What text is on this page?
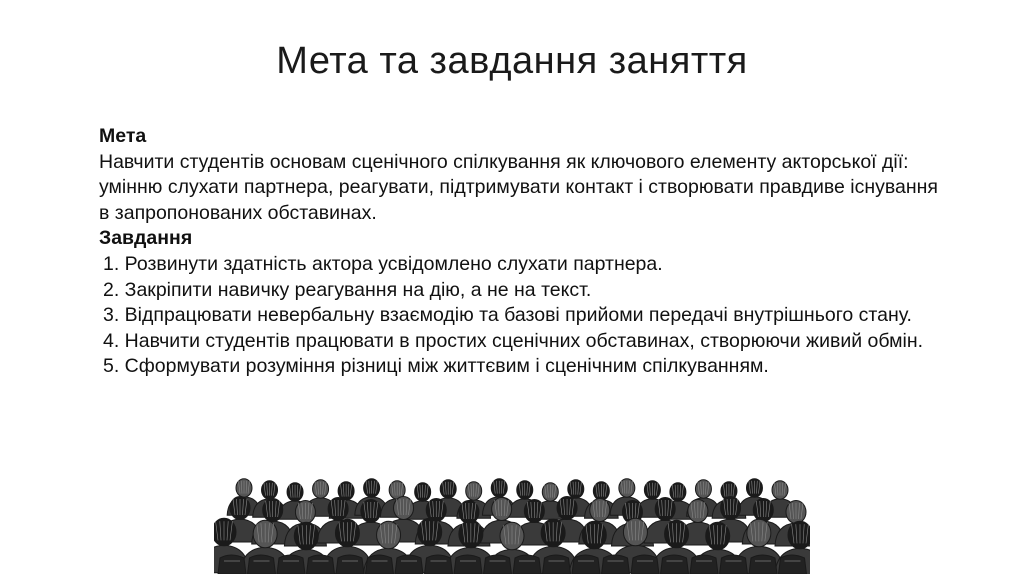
Мета та завдання заняття
Мета
Навчити студентів основам сценічного спілкування як ключового елементу акторської дії: умінню слухати партнера, реагувати, підтримувати контакт і створювати правдиве існування в запропонованих обставинах.
Завдання
1. Розвинути здатність актора усвідомлено слухати партнера.
2. Закріпити навичку реагування на дію, а не на текст.
3. Відпрацювати невербальну взаємодію та базові прийоми передачі внутрішнього стану.
4. Навчити студентів працювати в простих сценічних обставинах, створюючи живий обмін.
5. Сформувати розуміння різниці між життєвим і сценічним спілкуванням.
